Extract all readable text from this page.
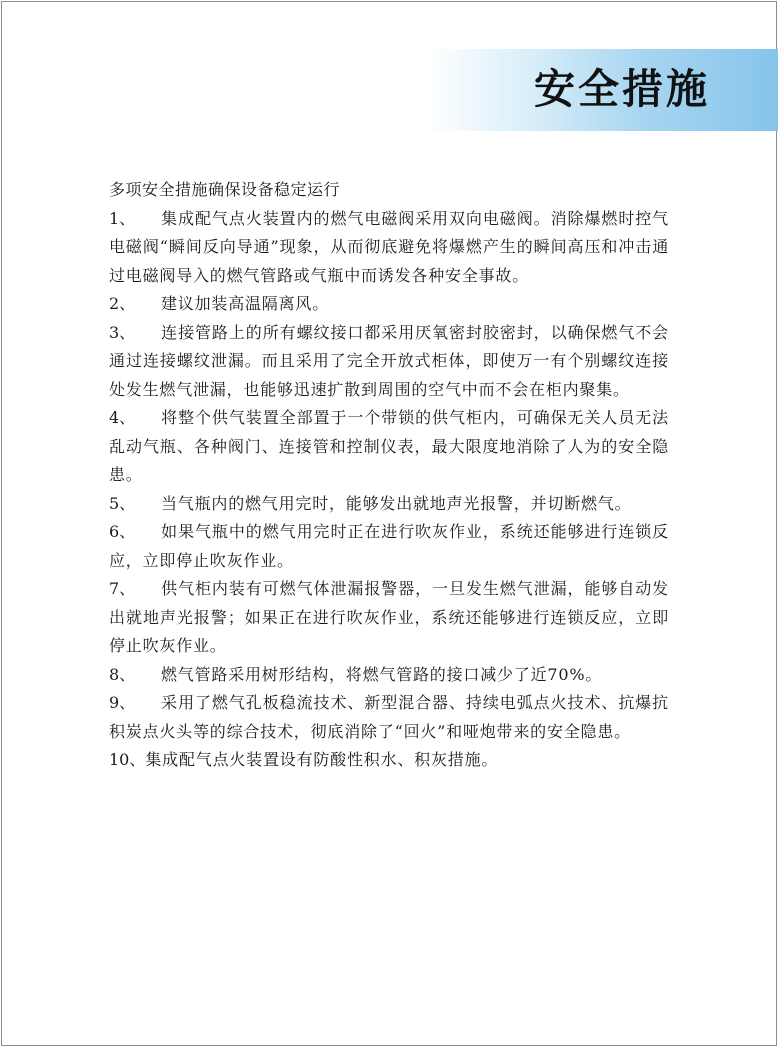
安全措施

多项安全措施确保设备稳定运行

1、 集成配气点火装置内的燃气电磁阀采用双向电磁阀。消除爆燃时控气电磁阀“瞬间反向导通”现象，从而彻底避免将爆燃产生的瞬间高压和冲击通过电磁阀导入的燃气管路或气瓶中而诱发各种安全事故。

2、 建议加装高温隔离风。

3、 连接管路上的所有螺纹接口都采用厌氧密封胶密封，以确保燃气不会通过连接螺纹泄漏。而且采用了完全开放式柜体，即使万一有个别螺纹连接处发生燃气泄漏，也能够迅速扩散到周围的空气中而不会在柜内聚集。

4、 将整个供气装置全部置于一个带锁的供气柜内，可确保无关人员无法乱动气瓶、各种阀门、连接管和控制仪表，最大限度地消除了人为的安全隐患。

5、 当气瓶内的燃气用完时，能够发出就地声光报警，并切断燃气。

6、 如果气瓶中的燃气用完时正在进行吹灰作业，系统还能够进行连锁反应，立即停止吹灰作业。

7、 供气柜内装有可燃气体泄漏报警器，一旦发生燃气泄漏，能够自动发出就地声光报警；如果正在进行吹灰作业，系统还能够进行连锁反应，立即停止吹灰作业。

8、 燃气管路采用树形结构，将燃气管路的接口减少了近70%。

9、 采用了燃气孔板稳流技术、新型混合器、持续电弧点火技术、抗爆抗积炭点火头等的综合技术，彻底消除了“回火”和哑炮带来的安全隐患。

10、集成配气点火装置设有防酸性积水、积灰措施。
